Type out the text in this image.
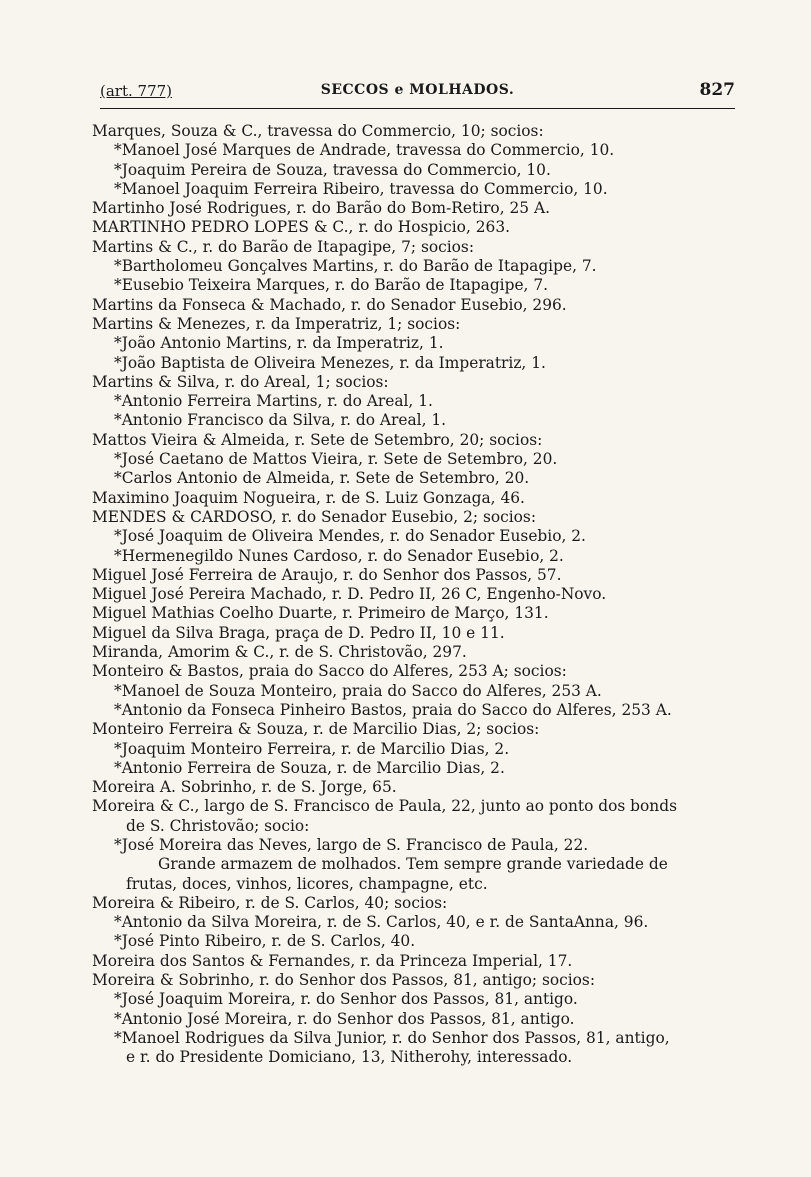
(art. 777)	SECCOS e MOLHADOS.	827
Marques, Souza & C., travessa do Commercio, 10; socios:
*Manoel José Marques de Andrade, travessa do Commercio, 10.
*Joaquim Pereira de Souza, travessa do Commercio, 10.
*Manoel Joaquim Ferreira Ribeiro, travessa do Commercio, 10.
Martinho José Rodrigues, r. do Barão do Bom-Retiro, 25 A.
MARTINHO PEDRO LOPES & C., r. do Hospicio, 263.
Martins & C., r. do Barão de Itapagipe, 7; socios:
*Bartholomeu Gonçalves Martins, r. do Barão de Itapagipe, 7.
*Eusebio Teixeira Marques, r. do Barão de Itapagipe, 7.
Martins da Fonseca & Machado, r. do Senador Eusebio, 296.
Martins & Menezes, r. da Imperatriz, 1; socios:
*João Antonio Martins, r. da Imperatriz, 1.
*João Baptista de Oliveira Menezes, r. da Imperatriz, 1.
Martins & Silva, r. do Areal, 1; socios:
*Antonio Ferreira Martins, r. do Areal, 1.
*Antonio Francisco da Silva, r. do Areal, 1.
Mattos Vieira & Almeida, r. Sete de Setembro, 20; socios:
*José Caetano de Mattos Vieira, r. Sete de Setembro, 20.
*Carlos Antonio de Almeida, r. Sete de Setembro, 20.
Maximino Joaquim Nogueira, r. de S. Luiz Gonzaga, 46.
MENDES & CARDOSO, r. do Senador Eusebio, 2; socios:
*José Joaquim de Oliveira Mendes, r. do Senador Eusebio, 2.
*Hermenegildo Nunes Cardoso, r. do Senador Eusebio, 2.
Miguel José Ferreira de Araujo, r. do Senhor dos Passos, 57.
Miguel José Pereira Machado, r. D. Pedro II, 26 C, Engenho-Novo.
Miguel Mathias Coelho Duarte, r. Primeiro de Março, 131.
Miguel da Silva Braga, praça de D. Pedro II, 10 e 11.
Miranda, Amorim & C., r. de S. Christovão, 297.
Monteiro & Bastos, praia do Sacco do Alferes, 253 A; socios:
*Manoel de Souza Monteiro, praia do Sacco do Alferes, 253 A.
*Antonio da Fonseca Pinheiro Bastos, praia do Sacco do Alferes, 253 A.
Monteiro Ferreira & Souza, r. de Marcilio Dias, 2; socios:
*Joaquim Monteiro Ferreira, r. de Marcilio Dias, 2.
*Antonio Ferreira de Souza, r. de Marcilio Dias, 2.
Moreira A. Sobrinho, r. de S. Jorge, 65.
Moreira & C., largo de S. Francisco de Paula, 22, junto ao ponto dos bonds
de S. Christovão; socio:
*José Moreira das Neves, largo de S. Francisco de Paula, 22.
Grande armazem de molhados. Tem sempre grande variedade de
frutas, doces, vinhos, licores, champagne, etc.
Moreira & Ribeiro, r. de S. Carlos, 40; socios:
*Antonio da Silva Moreira, r. de S. Carlos, 40, e r. de SantaAnna, 96.
*José Pinto Ribeiro, r. de S. Carlos, 40.
Moreira dos Santos & Fernandes, r. da Princeza Imperial, 17.
Moreira & Sobrinho, r. do Senhor dos Passos, 81, antigo; socios:
*José Joaquim Moreira, r. do Senhor dos Passos, 81, antigo.
*Antonio José Moreira, r. do Senhor dos Passos, 81, antigo.
*Manoel Rodrigues da Silva Junior, r. do Senhor dos Passos, 81, antigo,
e r. do Presidente Domiciano, 13, Nitherohy, interessado.
